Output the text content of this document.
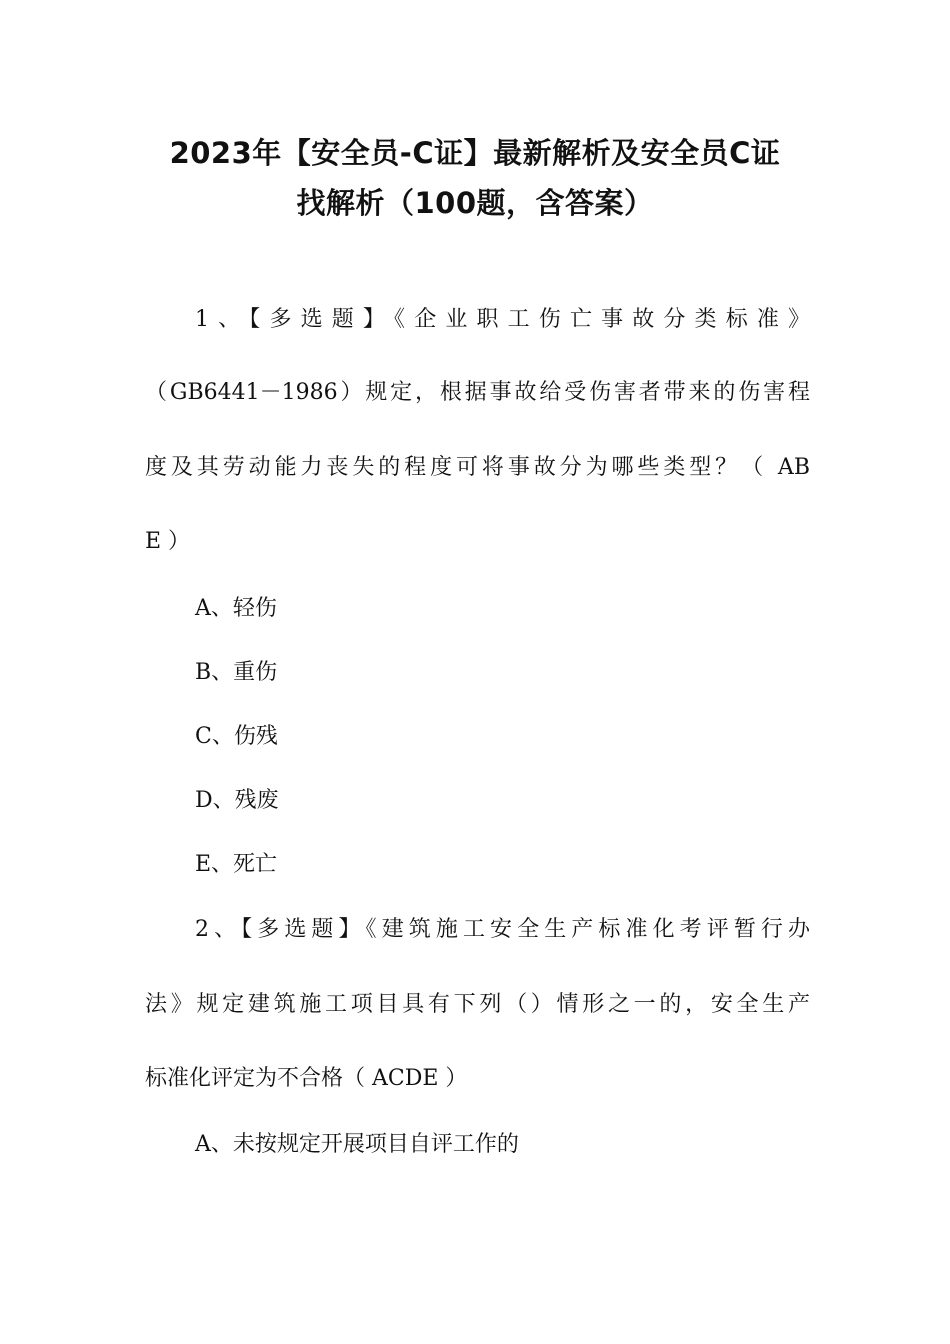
2023年【安全员-C证】最新解析及安全员C证

找解析（100题，含答案）

1、【多选题】《企业职工伤亡事故分类标准》

（GB6441－1986）规定，根据事故给受伤害者带来的伤害程

度及其劳动能力丧失的程度可将事故分为哪些类型？（ AB

E ）

A、轻伤

B、重伤

C、伤残

D、残废

E、死亡

2、【多选题】《建筑施工安全生产标准化考评暂行办

法》规定建筑施工项目具有下列（）情形之一的，安全生产

标准化评定为不合格（ ACDE ）

A、未按规定开展项目自评工作的
